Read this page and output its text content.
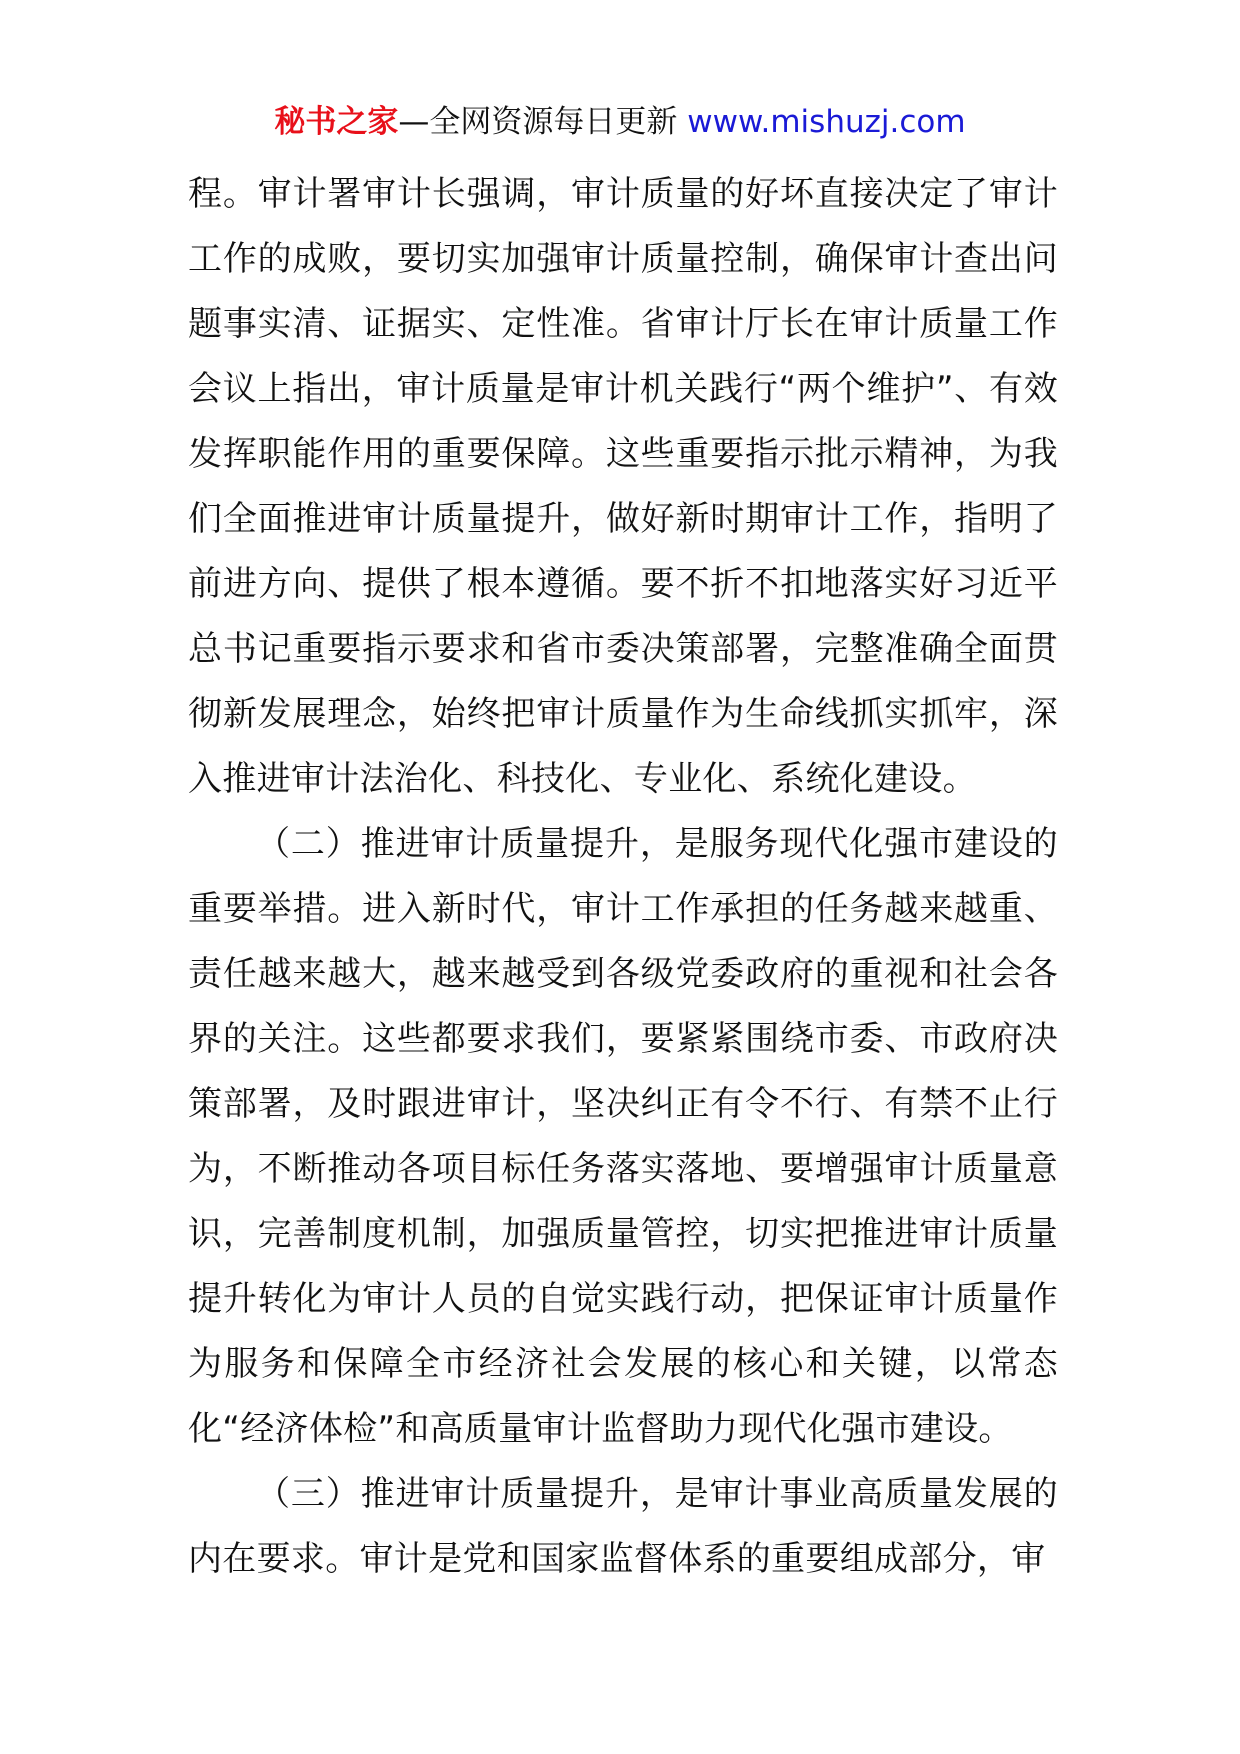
秘书之家—全网资源每日更新 www.mishuzj.com

程。审计署审计长强调，审计质量的好坏直接决定了审计工作的成败，要切实加强审计质量控制，确保审计查出问题事实清、证据实、定性准。省审计厅长在审计质量工作会议上指出，审计质量是审计机关践行“两个维护”、有效发挥职能作用的重要保障。这些重要指示批示精神，为我们全面推进审计质量提升，做好新时期审计工作，指明了前进方向、提供了根本遵循。要不折不扣地落实好习近平总书记重要指示要求和省市委决策部署，完整准确全面贯彻新发展理念，始终把审计质量作为生命线抓实抓牢，深入推进审计法治化、科技化、专业化、系统化建设。

（二）推进审计质量提升，是服务现代化强市建设的重要举措。进入新时代，审计工作承担的任务越来越重、责任越来越大，越来越受到各级党委政府的重视和社会各界的关注。这些都要求我们，要紧紧围绕市委、市政府决策部署，及时跟进审计，坚决纠正有令不行、有禁不止行为，不断推动各项目标任务落实落地、要增强审计质量意识，完善制度机制，加强质量管控，切实把推进审计质量提升转化为审计人员的自觉实践行动，把保证审计质量作为服务和保障全市经济社会发展的核心和关键，以常态化“经济体检”和高质量审计监督助力现代化强市建设。

（三）推进审计质量提升，是审计事业高质量发展的内在要求。审计是党和国家监督体系的重要组成部分，审
